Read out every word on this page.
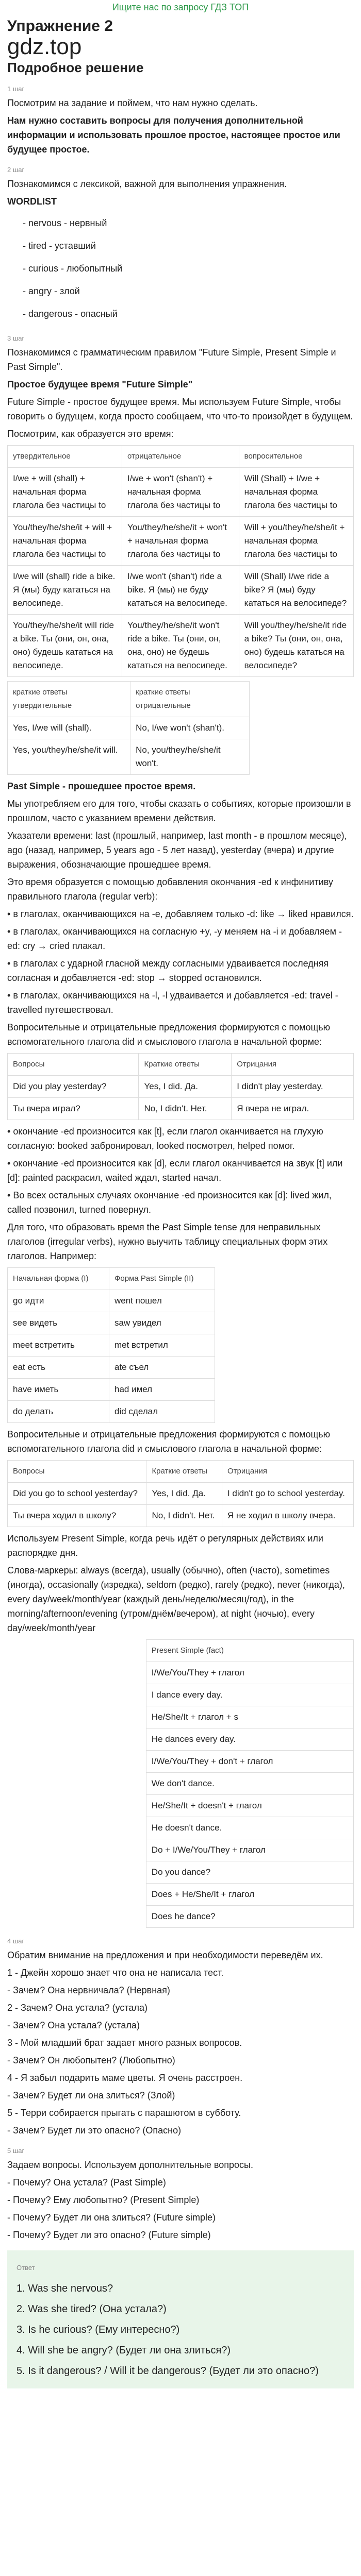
Ищите нас по запросу ГДЗ ТОП
Упражнение 2
gdz.top
Подробное решение
1 шаг
Посмотрим на задание и поймем, что нам нужно сделать.
Нам нужно составить вопросы для получения дополнительной информации и использовать прошлое простое, настоящее простое или будущее простое.
2 шаг
Познакомимся с лексикой, важной для выполнения упражнения.
WORDLIST
- nervous - нервный
- tired - уставший
- curious - любопытный
- angry - злой
- dangerous - опасный
3 шаг
Познакомимся с грамматическим правилом "Future Simple, Present Simple и Past Simple".
Простое будущее время "Future Simple"
Future Simple - простое будущее время. Мы используем Future Simple, чтобы говорить о будущем, когда просто сообщаем, что что-то произойдет в будущем.
Посмотрим, как образуется это время:
утвердительное	отрицательное	вопросительное
I/we + will (shall) + начальная форма глагола без частицы to	I/we + won't (shan't) + начальная форма глагола без частицы to	Will (Shall) + I/we + начальная форма глагола без частицы to
You/they/he/she/it + will + начальная форма глагола без частицы to	You/they/he/she/it + won't + начальная форма глагола без частицы to	Will + you/they/he/she/it + начальная форма глагола без частицы to
I/we will (shall) ride a bike. Я (мы) буду кататься на велосипеде.	I/we won't (shan't) ride a bike. Я (мы) не буду кататься на велосипеде.	Will (Shall) I/we ride a bike? Я (мы) буду кататься на велосипеде?
You/they/he/she/it will ride a bike. Ты (они, он, она, оно) будешь кататься на велосипеде.	You/they/he/she/it won't ride a bike. Ты (они, он, она, оно) не будешь кататься на велосипеде.	Will you/they/he/she/it ride a bike? Ты (они, он, она, оно) будешь кататься на велосипеде?
краткие ответы утвердительные	краткие ответы отрицательные
Yes, I/we will (shall).	No, I/we won't (shan't).
Yes, you/they/he/she/it will.	No, you/they/he/she/it won't.
Past Simple - прошедшее простое время.
Мы употребляем его для того, чтобы сказать о событиях, которые произошли в прошлом, часто с указанием времени действия.
Указатели времени: last (прошлый, например, last month - в прошлом месяце), ago (назад, например, 5 years ago - 5 лет назад), yesterday (вчера) и другие выражения, обозначающие прошедшее время.
Это время образуется с помощью добавления окончания -ed к инфинитиву правильного глагола (regular verb):
• в глаголах, оканчивающихся на -e, добавляем только -d: like → liked нравился.
• в глаголах, оканчивающихся на согласную +y, -y меняем на -i и добавляем -ed: cry → cried плакал.
• в глаголах с ударной гласной между согласными удваивается последняя согласная и добавляется -ed: stop → stopped остановился.
• в глаголах, оканчивающихся на -l, -l удваивается и добавляется -ed: travel - travelled путешествовал.
Вопросительные и отрицательные предложения формируются с помощью вспомогательного глагола did и смыслового глагола в начальной форме:
Вопросы	Краткие ответы	Отрицания
Did you play yesterday?	Yes, I did. Да.	I didn't play yesterday.
Ты вчера играл?	No, I didn't. Нет.	Я вчера не играл.
• окончание -ed произносится как [t], если глагол оканчивается на глухую согласную: booked забронировал, looked посмотрел, helped помог.
• окончание -ed произносится как [d], если глагол оканчивается на звук [t] или [d]: painted раскрасил, waited ждал, started начал.
• Во всех остальных случаях окончание -ed произносится как [d]: lived жил, called позвонил, turned повернул.
Для того, что образовать время the Past Simple tense для неправильных глаголов (irregular verbs), нужно выучить таблицу специальных форм этих глаголов. Например:
Начальная форма (I)	Форма Past Simple (II)
go идти	went пошел
see видеть	saw увидел
meet встретить	met встретил
eat есть	ate съел
have иметь	had имел
do делать	did сделал
Вопросительные и отрицательные предложения формируются с помощью вспомогательного глагола did и смыслового глагола в начальной форме:
Вопросы	Краткие ответы	Отрицания
Did you go to school yesterday?	Yes, I did. Да.	I didn't go to school yesterday.
Ты вчера ходил в школу?	No, I didn't. Нет.	Я не ходил в школу вчера.
Используем Present Simple, когда речь идёт о регулярных действиях или распорядке дня.
Слова-маркеры: always (всегда), usually (обычно), often (часто), sometimes (иногда), occasionally (изредка), seldom (редко), rarely (редко), never (никогда), every day/week/month/year (каждый день/неделю/месяц/год), in the morning/afternoon/evening (утром/днём/вечером), at night (ночью), every day/week/month/year
Present Simple (fact)
I/We/You/They + глагол
I dance every day.
He/She/It + глагол + s
He dances every day.
I/We/You/They + don't + глагол
We don't dance.
He/She/It + doesn't + глагол
He doesn't dance.
Do + I/We/You/They + глагол
Do you dance?
Does + He/She/It + глагол
Does he dance?
4 шаг
Обратим внимание на предложения и при необходимости переведём их.
1 - Джейн хорошо знает что она не написала тест.
- Зачем? Она нервничала? (Нервная)
2 - Зачем? Она устала? (устала)
- Зачем? Она устала? (устала)
3 - Мой младший брат задает много разных вопросов.
- Зачем? Он любопытен? (Любопытно)
4 - Я забыл подарить маме цветы. Я очень расстроен.
- Зачем? Будет ли она злиться? (Злой)
5 - Терри собирается прыгать с парашютом в субботу.
- Зачем? Будет ли это опасно? (Опасно)
5 шаг
Задаем вопросы. Используем дополнительные вопросы.
- Почему? Она устала? (Past Simple)
- Почему? Ему любопытно? (Present Simple)
- Почему? Будет ли она злиться? (Future simple)
- Почему? Будет ли это опасно? (Future simple)
Ответ
1. Was she nervous?
2. Was she tired? (Она устала?)
3. Is he curious? (Ему интересно?)
4. Will she be angry? (Будет ли она злиться?)
5. Is it dangerous? / Will it be dangerous? (Будет ли это опасно?)
